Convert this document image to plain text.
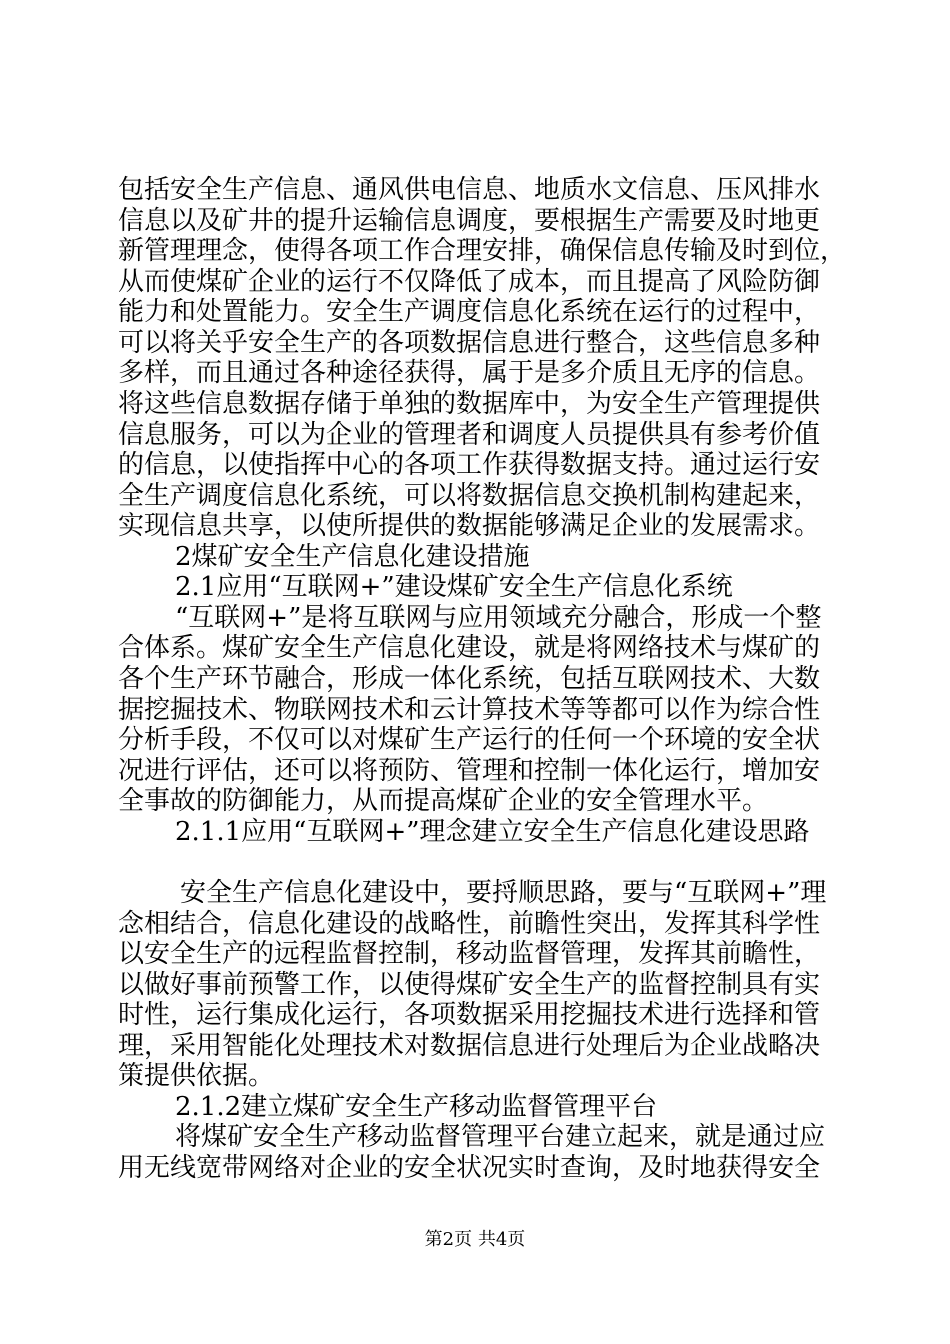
包括安全生产信息、通风供电信息、地质水文信息、压风排水
信息以及矿井的提升运输信息调度，要根据生产需要及时地更
新管理理念，使得各项工作合理安排，确保信息传输及时到位，
从而使煤矿企业的运行不仅降低了成本，而且提高了风险防御
能力和处置能力。安全生产调度信息化系统在运行的过程中，
可以将关乎安全生产的各项数据信息进行整合，这些信息多种
多样，而且通过各种途径获得，属于是多介质且无序的信息。
将这些信息数据存储于单独的数据库中，为安全生产管理提供
信息服务，可以为企业的管理者和调度人员提供具有参考价值
的信息，以使指挥中心的各项工作获得数据支持。通过运行安
全生产调度信息化系统，可以将数据信息交换机制构建起来，
实现信息共享，以使所提供的数据能够满足企业的发展需求。
2煤矿安全生产信息化建设措施
2.1应用“互联网+”建设煤矿安全生产信息化系统
“互联网+”是将互联网与应用领域充分融合，形成一个整
合体系。煤矿安全生产信息化建设，就是将网络技术与煤矿的
各个生产环节融合，形成一体化系统，包括互联网技术、大数
据挖掘技术、物联网技术和云计算技术等等都可以作为综合性
分析手段，不仅可以对煤矿生产运行的任何一个环境的安全状
况进行评估，还可以将预防、管理和控制一体化运行，增加安
全事故的防御能力，从而提高煤矿企业的安全管理水平。
2.1.1应用“互联网+”理念建立安全生产信息化建设思路
安全生产信息化建设中，要捋顺思路，要与“互联网+”理
念相结合，信息化建设的战略性，前瞻性突出，发挥其科学性
以安全生产的远程监督控制，移动监督管理，发挥其前瞻性，
以做好事前预警工作，以使得煤矿安全生产的监督控制具有实
时性，运行集成化运行，各项数据采用挖掘技术进行选择和管
理，采用智能化处理技术对数据信息进行处理后为企业战略决
策提供依据。
2.1.2建立煤矿安全生产移动监督管理平台
将煤矿安全生产移动监督管理平台建立起来，就是通过应
用无线宽带网络对企业的安全状况实时查询，及时地获得安全
第2页 共4页
